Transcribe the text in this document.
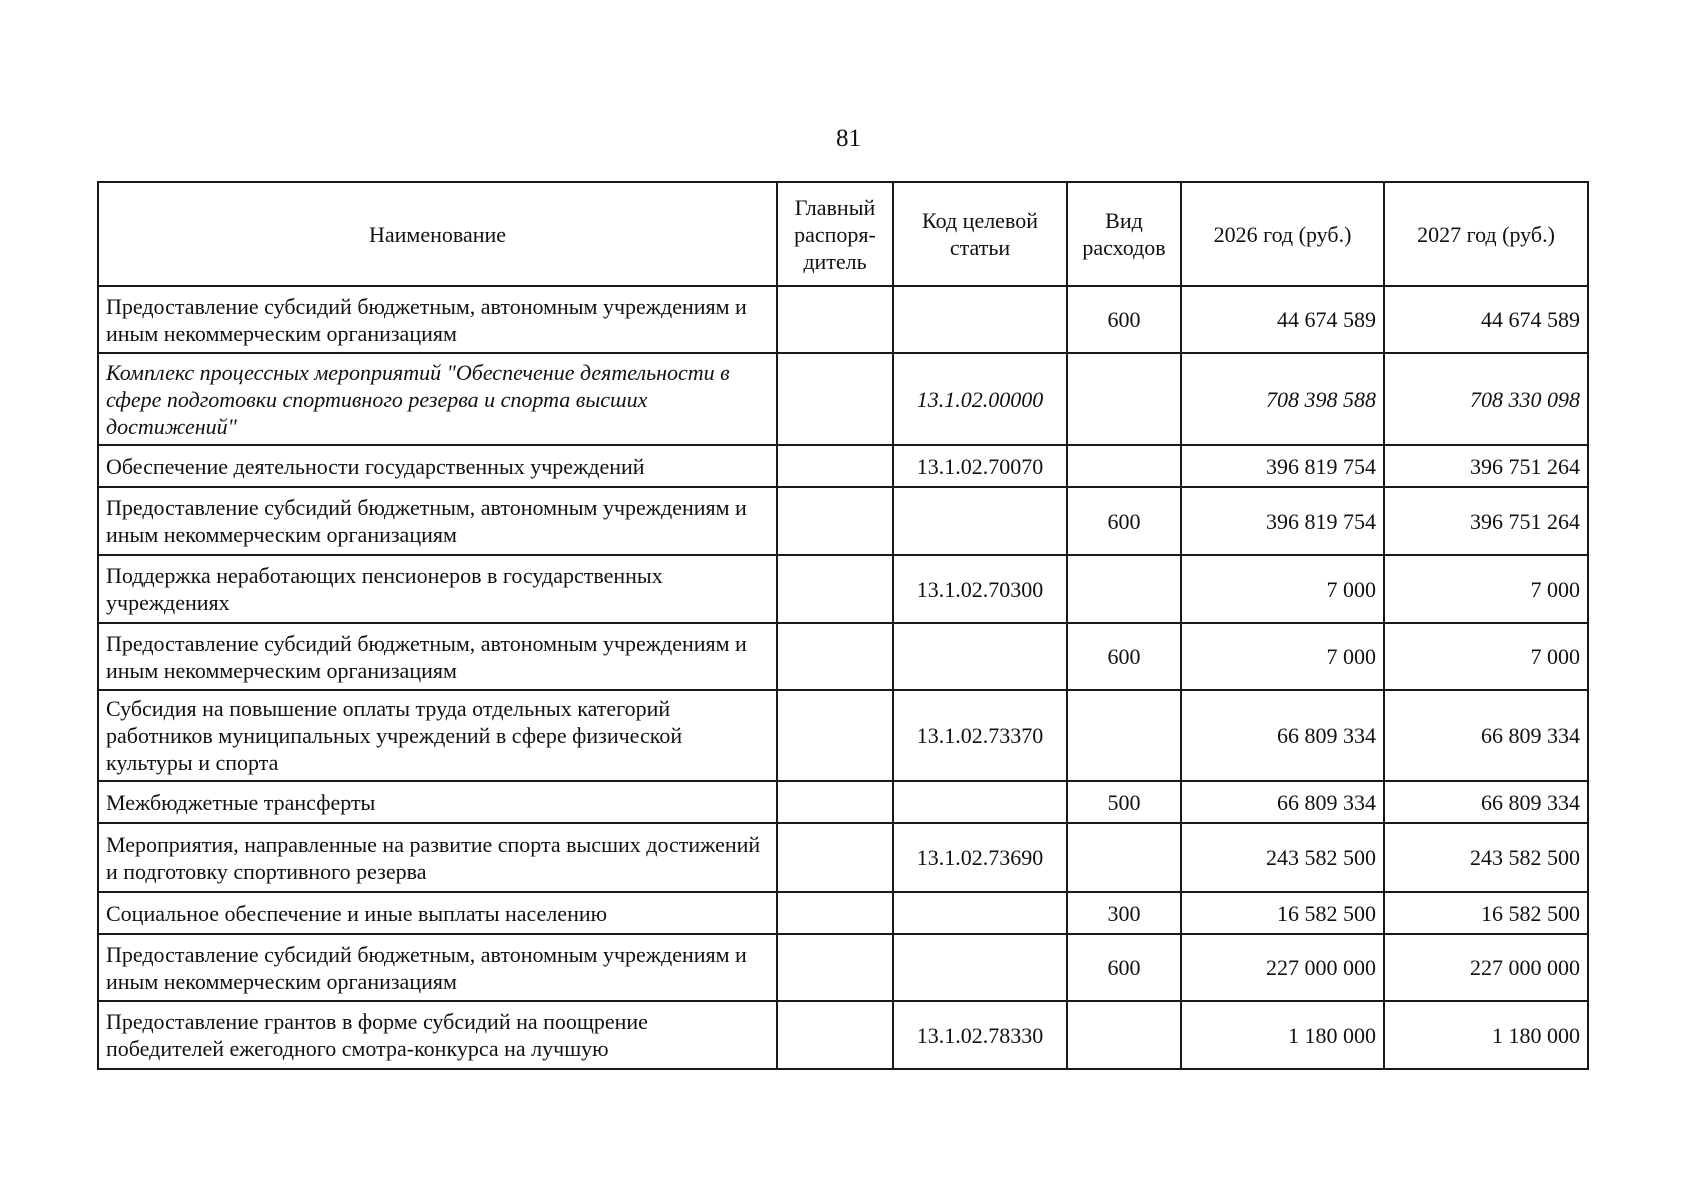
81
Наименование	Главный распоря-дитель	Код целевой статьи	Вид расходов	2026 год (руб.)	2027 год (руб.)
Предоставление субсидий бюджетным, автономным учреждениям и иным некоммерческим организациям			600	44 674 589	44 674 589
Комплекс процессных мероприятий "Обеспечение деятельности в сфере подготовки спортивного резерва и спорта высших достижений"		13.1.02.00000		708 398 588	708 330 098
Обеспечение деятельности государственных учреждений		13.1.02.70070		396 819 754	396 751 264
Предоставление субсидий бюджетным, автономным учреждениям и иным некоммерческим организациям			600	396 819 754	396 751 264
Поддержка неработающих пенсионеров в государственных учреждениях		13.1.02.70300		7 000	7 000
Предоставление субсидий бюджетным, автономным учреждениям и иным некоммерческим организациям			600	7 000	7 000
Субсидия на повышение оплаты труда отдельных категорий работников муниципальных учреждений в сфере физической культуры и спорта		13.1.02.73370		66 809 334	66 809 334
Межбюджетные трансферты			500	66 809 334	66 809 334
Мероприятия, направленные на развитие спорта высших достижений и подготовку спортивного резерва		13.1.02.73690		243 582 500	243 582 500
Социальное обеспечение и иные выплаты населению			300	16 582 500	16 582 500
Предоставление субсидий бюджетным, автономным учреждениям и иным некоммерческим организациям			600	227 000 000	227 000 000
Предоставление грантов в форме субсидий на поощрение победителей ежегодного смотра-конкурса на лучшую		13.1.02.78330		1 180 000	1 180 000
